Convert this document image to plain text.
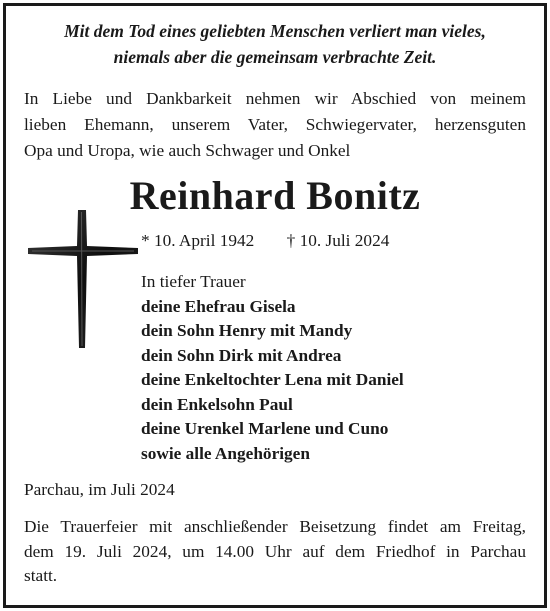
Mit dem Tod eines geliebten Menschen verliert man vieles,
niemals aber die gemeinsam verbrachte Zeit.
In Liebe und Dankbarkeit nehmen wir Abschied von meinem
lieben Ehemann, unserem Vater, Schwiegervater, herzensguten
Opa und Uropa, wie auch Schwager und Onkel
Reinhard Bonitz
* 10. April 1942 † 10. Juli 2024
In tiefer Trauer
deine Ehefrau Gisela
dein Sohn Henry mit Mandy
dein Sohn Dirk mit Andrea
deine Enkeltochter Lena mit Daniel
dein Enkelsohn Paul
deine Urenkel Marlene und Cuno
sowie alle Angehörigen
Parchau, im Juli 2024
Die Trauerfeier mit anschließender Beisetzung findet am Freitag,
dem 19. Juli 2024, um 14.00 Uhr auf dem Friedhof in Parchau
statt.
